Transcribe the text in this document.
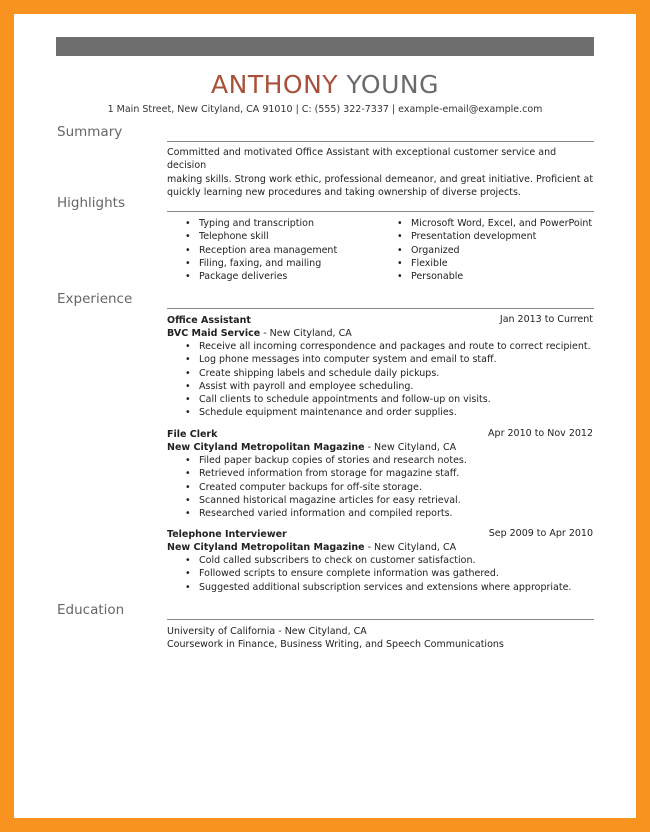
ANTHONY YOUNG
1 Main Street, New Cityland, CA 91010 | C: (555) 322-7337 | example-email@example.com
Summary
Committed and motivated Office Assistant with exceptional customer service and decision
making skills. Strong work ethic, professional demeanor, and great initiative. Proficient at
quickly learning new procedures and taking ownership of diverse projects.
Highlights
• Typing and transcription
• Telephone skill
• Reception area management
• Filing, faxing, and mailing
• Package deliveries
• Microsoft Word, Excel, and PowerPoint
• Presentation development
• Organized
• Flexible
• Personable
Experience
Office Assistant	Jan 2013 to Current
BVC Maid Service - New Cityland, CA
• Receive all incoming correspondence and packages and route to correct recipient.
• Log phone messages into computer system and email to staff.
• Create shipping labels and schedule daily pickups.
• Assist with payroll and employee scheduling.
• Call clients to schedule appointments and follow-up on visits.
• Schedule equipment maintenance and order supplies.
File Clerk	Apr 2010 to Nov 2012
New Cityland Metropolitan Magazine - New Cityland, CA
• Filed paper backup copies of stories and research notes.
• Retrieved information from storage for magazine staff.
• Created computer backups for off-site storage.
• Scanned historical magazine articles for easy retrieval.
• Researched varied information and compiled reports.
Telephone Interviewer	Sep 2009 to Apr 2010
New Cityland Metropolitan Magazine - New Cityland, CA
• Cold called subscribers to check on customer satisfaction.
• Followed scripts to ensure complete information was gathered.
• Suggested additional subscription services and extensions where appropriate.
Education
University of California - New Cityland, CA
Coursework in Finance, Business Writing, and Speech Communications
